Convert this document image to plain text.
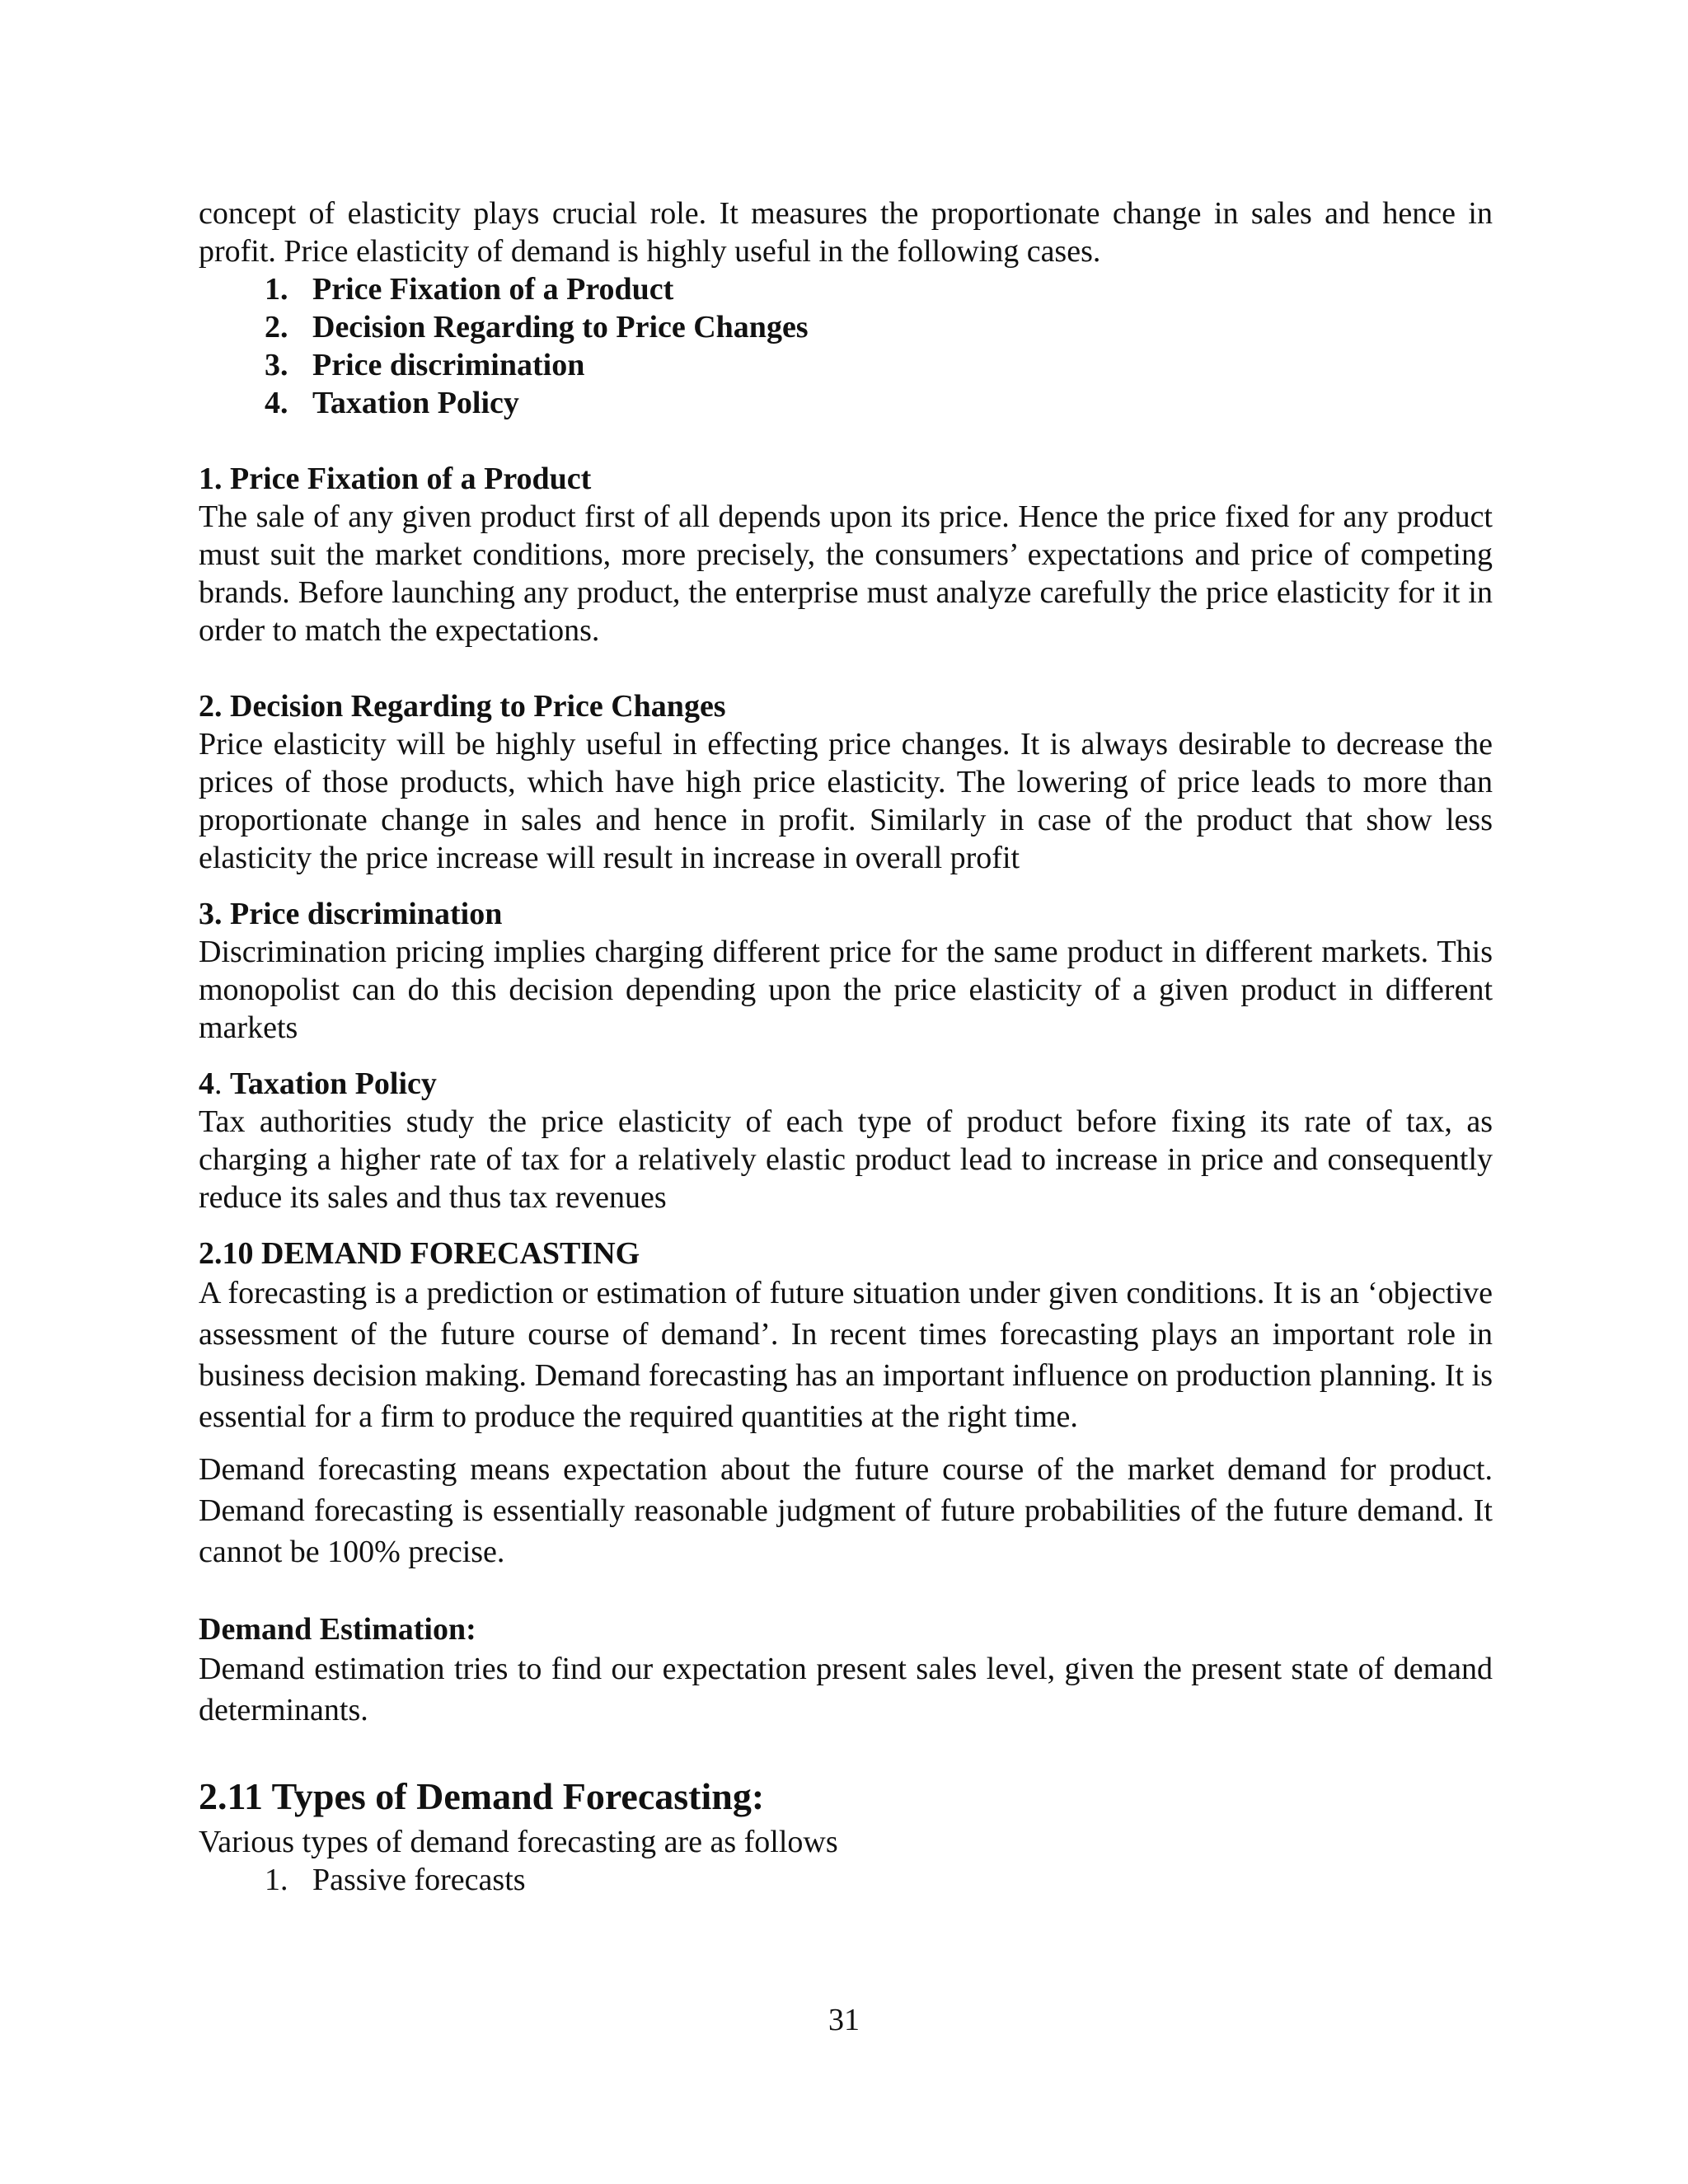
concept of elasticity plays crucial role. It measures the proportionate change in sales and hence in profit. Price elasticity of demand is highly useful in the following cases.

1. Price Fixation of a Product
2. Decision Regarding to Price Changes
3. Price discrimination
4. Taxation Policy

1. Price Fixation of a Product

The sale of any given product first of all depends upon its price. Hence the price fixed for any product must suit the market conditions, more precisely, the consumers’ expectations and price of competing brands. Before launching any product, the enterprise must analyze carefully the price elasticity for it in order to match the expectations.

2. Decision Regarding to Price Changes

Price elasticity will be highly useful in effecting price changes. It is always desirable to decrease the prices of those products, which have high price elasticity. The lowering of price leads to more than proportionate change in sales and hence in profit. Similarly in case of the product that show less elasticity the price increase will result in increase in overall profit

3. Price discrimination

Discrimination pricing implies charging different price for the same product in different markets. This monopolist can do this decision depending upon the price elasticity of a given product in different markets

4. Taxation Policy

Tax authorities study the price elasticity of each type of product before fixing its rate of tax, as charging a higher rate of tax for a relatively elastic product lead to increase in price and consequently reduce its sales and thus tax revenues

2.10 DEMAND FORECASTING

A forecasting is a prediction or estimation of future situation under given conditions. It is an ‘objective assessment of the future course of demand’. In recent times forecasting plays an important role in business decision making. Demand forecasting has an important influence on production planning. It is essential for a firm to produce the required quantities at the right time.

Demand forecasting means expectation about the future course of the market demand for product. Demand forecasting is essentially reasonable judgment of future probabilities of the future demand. It cannot be 100% precise.

Demand Estimation:

Demand estimation tries to find our expectation present sales level, given the present state of demand determinants.

2.11 Types of Demand Forecasting:

Various types of demand forecasting are as follows

1. Passive forecasts
31
